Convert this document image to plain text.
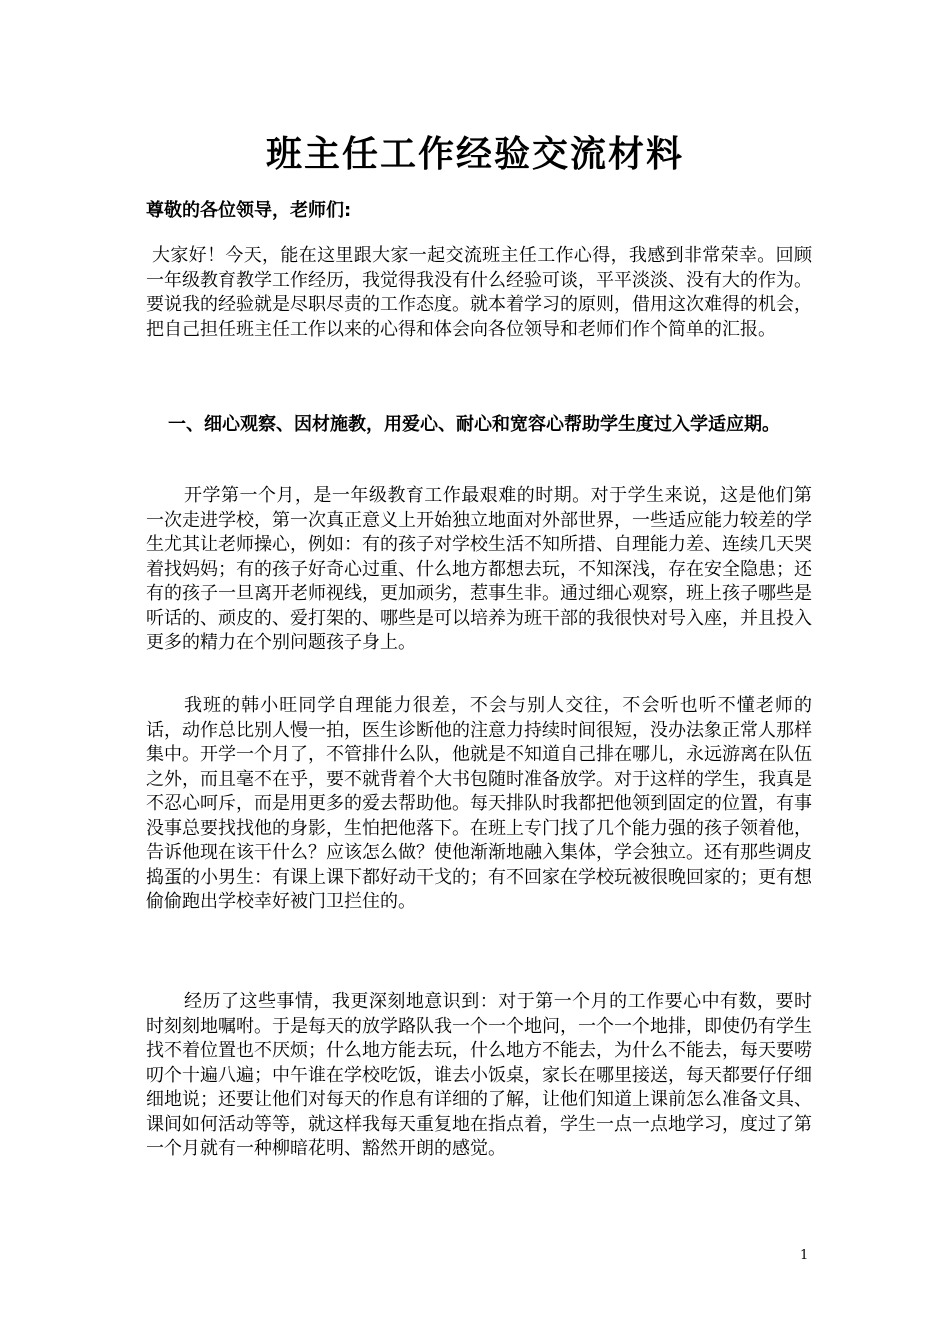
班主任工作经验交流材料

尊敬的各位领导，老师们:

大家好！今天，能在这里跟大家一起交流班主任工作心得，我感到非常荣幸。回顾一年级教育教学工作经历，我觉得我没有什么经验可谈，平平淡淡、没有大的作为。要说我的经验就是尽职尽责的工作态度。就本着学习的原则，借用这次难得的机会，把自己担任班主任工作以来的心得和体会向各位领导和老师们作个简单的汇报。

一、细心观察、因材施教，用爱心、耐心和宽容心帮助学生度过入学适应期。

开学第一个月，是一年级教育工作最艰难的时期。对于学生来说，这是他们第一次走进学校，第一次真正意义上开始独立地面对外部世界，一些适应能力较差的学生尤其让老师操心，例如：有的孩子对学校生活不知所措、自理能力差、连续几天哭着找妈妈；有的孩子好奇心过重、什么地方都想去玩，不知深浅，存在安全隐患；还有的孩子一旦离开老师视线，更加顽劣，惹事生非。通过细心观察，班上孩子哪些是听话的、顽皮的、爱打架的、哪些是可以培养为班干部的我很快对号入座，并且投入更多的精力在个别问题孩子身上。

我班的韩小旺同学自理能力很差，不会与别人交往，不会听也听不懂老师的话，动作总比别人慢一拍，医生诊断他的注意力持续时间很短，没办法象正常人那样集中。开学一个月了，不管排什么队，他就是不知道自己排在哪儿，永远游离在队伍之外，而且毫不在乎，要不就背着个大书包随时准备放学。对于这样的学生，我真是不忍心呵斥，而是用更多的爱去帮助他。每天排队时我都把他领到固定的位置，有事没事总要找找他的身影，生怕把他落下。在班上专门找了几个能力强的孩子领着他，告诉他现在该干什么？应该怎么做？使他渐渐地融入集体，学会独立。还有那些调皮捣蛋的小男生：有课上课下都好动干戈的；有不回家在学校玩被很晚回家的；更有想偷偷跑出学校幸好被门卫拦住的。

经历了这些事情，我更深刻地意识到：对于第一个月的工作要心中有数，要时时刻刻地嘱咐。于是每天的放学路队我一个一个地问，一个一个地排，即使仍有学生找不着位置也不厌烦；什么地方能去玩，什么地方不能去，为什么不能去，每天要唠叨个十遍八遍；中午谁在学校吃饭，谁去小饭桌，家长在哪里接送，每天都要仔仔细细地说；还要让他们对每天的作息有详细的了解，让他们知道上课前怎么准备文具、课间如何活动等等，就这样我每天重复地在指点着，学生一点一点地学习，度过了第一个月就有一种柳暗花明、豁然开朗的感觉。

1
